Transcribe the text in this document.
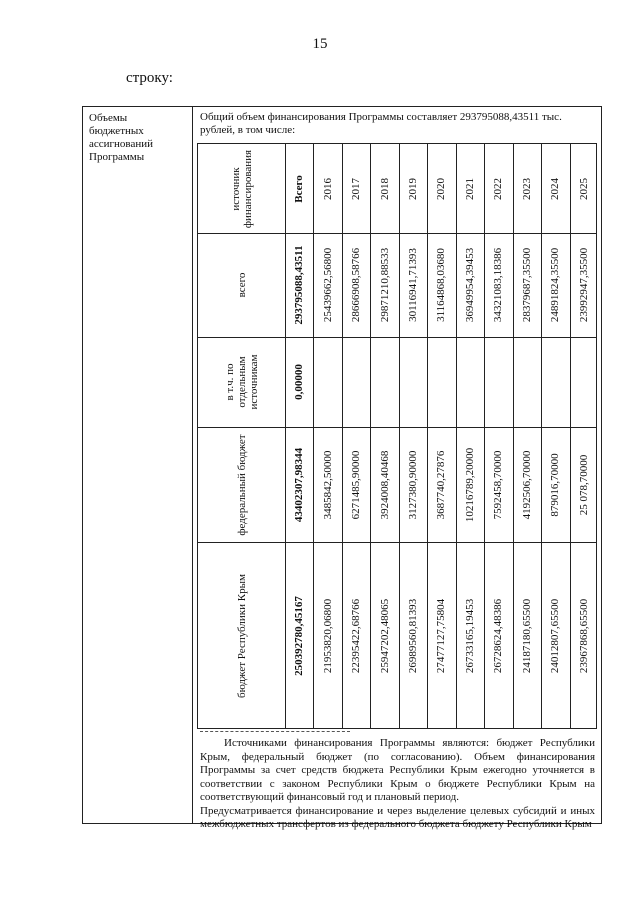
15
строку:
Объемы
бюджетных
ассигнований
Программы
Общий объем финансирования Программы составляет 293795088,43511 тыс. рублей, в том числе:
источник финансирования
всего
в т.ч. по отдельным источникам
федеральный бюджет
бюджет Республики Крым
Всего
293795088,43511
0,00000
43402307,98344
250392780,45167
2016
25439662,56800
3485842,50000
21953820,06800
2017
28666908,58766
6271485,90000
22395422,68766
2018
29871210,88533
3924008,40468
25947202,48065
2019
30116941,71393
3127380,90000
26989560,81393
2020
31164868,03680
3687740,27876
27477127,75804
2021
36949954,39453
10216789,20000
26733165,19453
2022
34321083,18386
7592458,70000
26728624,48386
2023
28379687,35500
4192506,70000
24187180,65500
2024
24891824,35500
879016,70000
24012807,65500
2025
23992947,35500
25 078,70000
23967868,65500

Источниками финансирования Программы являются: бюджет Республики Крым, федеральный бюджет (по согласованию). Объем финансирования Программы за счет средств бюджета Республики Крым ежегодно уточняется в соответствии с законом Республики Крым о бюджете Республики Крым на соответствующий финансовый год и плановый период.

Предусматривается финансирование и через выделение целевых субсидий и иных межбюджетных трансфертов из федерального бюджета бюджету Республики Крым
